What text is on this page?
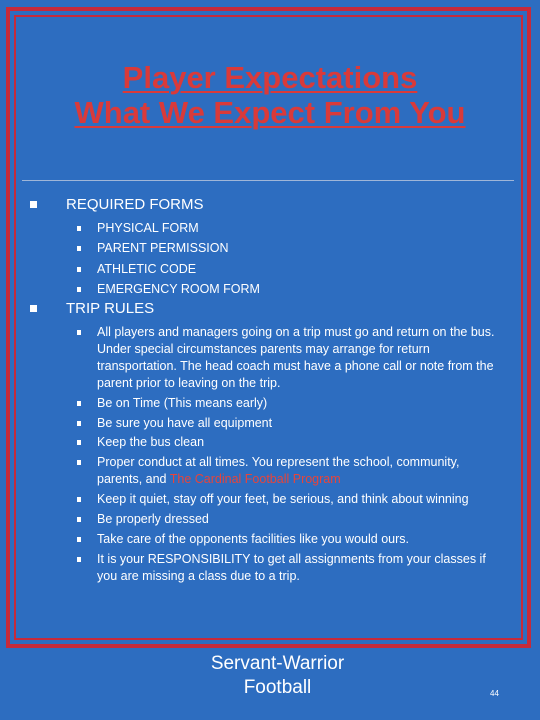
Player Expectations
What We Expect From You
REQUIRED FORMS
PHYSICAL FORM
PARENT PERMISSION
ATHLETIC CODE
EMERGENCY ROOM FORM
TRIP RULES
All players and managers going on a trip must go and return on the bus. Under special circumstances parents may arrange for return transportation. The head coach must have a phone call or note from the parent prior to leaving on the trip.
Be on Time (This means early)
Be sure you have all equipment
Keep the bus clean
Proper conduct at all times. You represent the school, community, parents, and The Cardinal Football Program
Keep it quiet, stay off your feet, be serious, and think about winning
Be properly dressed
Take care of the opponents facilities like you would ours.
It is your RESPONSIBILITY to get all assignments from your classes if you are missing a class due to a trip.
Servant-Warrior
Football	44
